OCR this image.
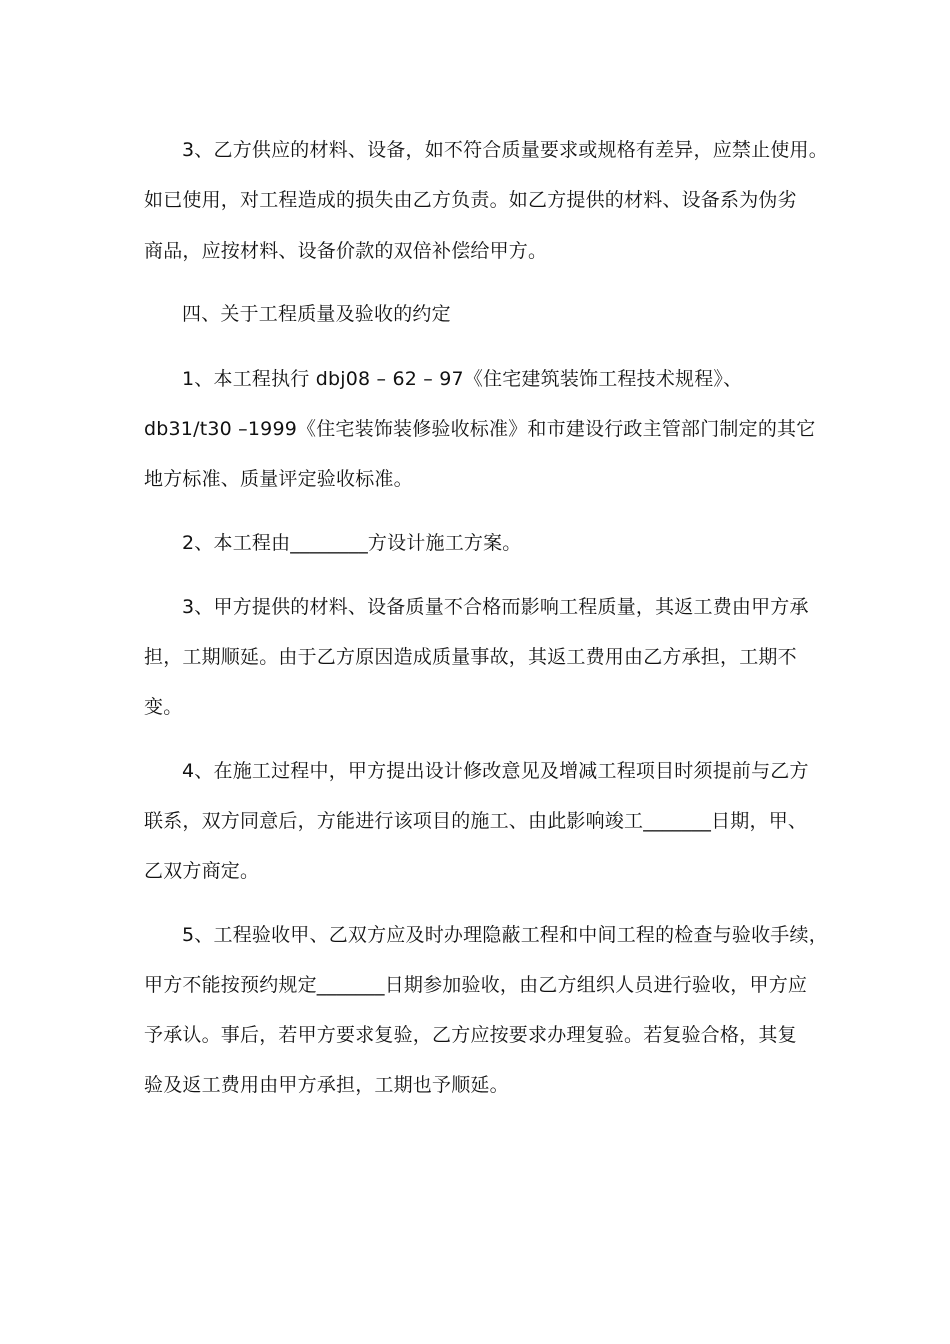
3、乙方供应的材料、设备，如不符合质量要求或规格有差异，应禁止使用。
如已使用，对工程造成的损失由乙方负责。如乙方提供的材料、设备系为伪劣
商品，应按材料、设备价款的双倍补偿给甲方。
四、关于工程质量及验收的约定
1、本工程执行 dbj08 – 62 – 97《住宅建筑装饰工程技术规程》、
db31/t30 –1999《住宅装饰装修验收标准》和市建设行政主管部门制定的其它
地方标准、质量评定验收标准。
2、本工程由________方设计施工方案。
3、甲方提供的材料、设备质量不合格而影响工程质量，其返工费由甲方承
担，工期顺延。由于乙方原因造成质量事故，其返工费用由乙方承担，工期不
变。
4、在施工过程中，甲方提出设计修改意见及增减工程项目时须提前与乙方
联系，双方同意后，方能进行该项目的施工、由此影响竣工_______日期，甲、
乙双方商定。
5、工程验收甲、乙双方应及时办理隐蔽工程和中间工程的检查与验收手续，
甲方不能按预约规定_______日期参加验收，由乙方组织人员进行验收，甲方应
予承认。事后，若甲方要求复验，乙方应按要求办理复验。若复验合格，其复
验及返工费用由甲方承担，工期也予顺延。
